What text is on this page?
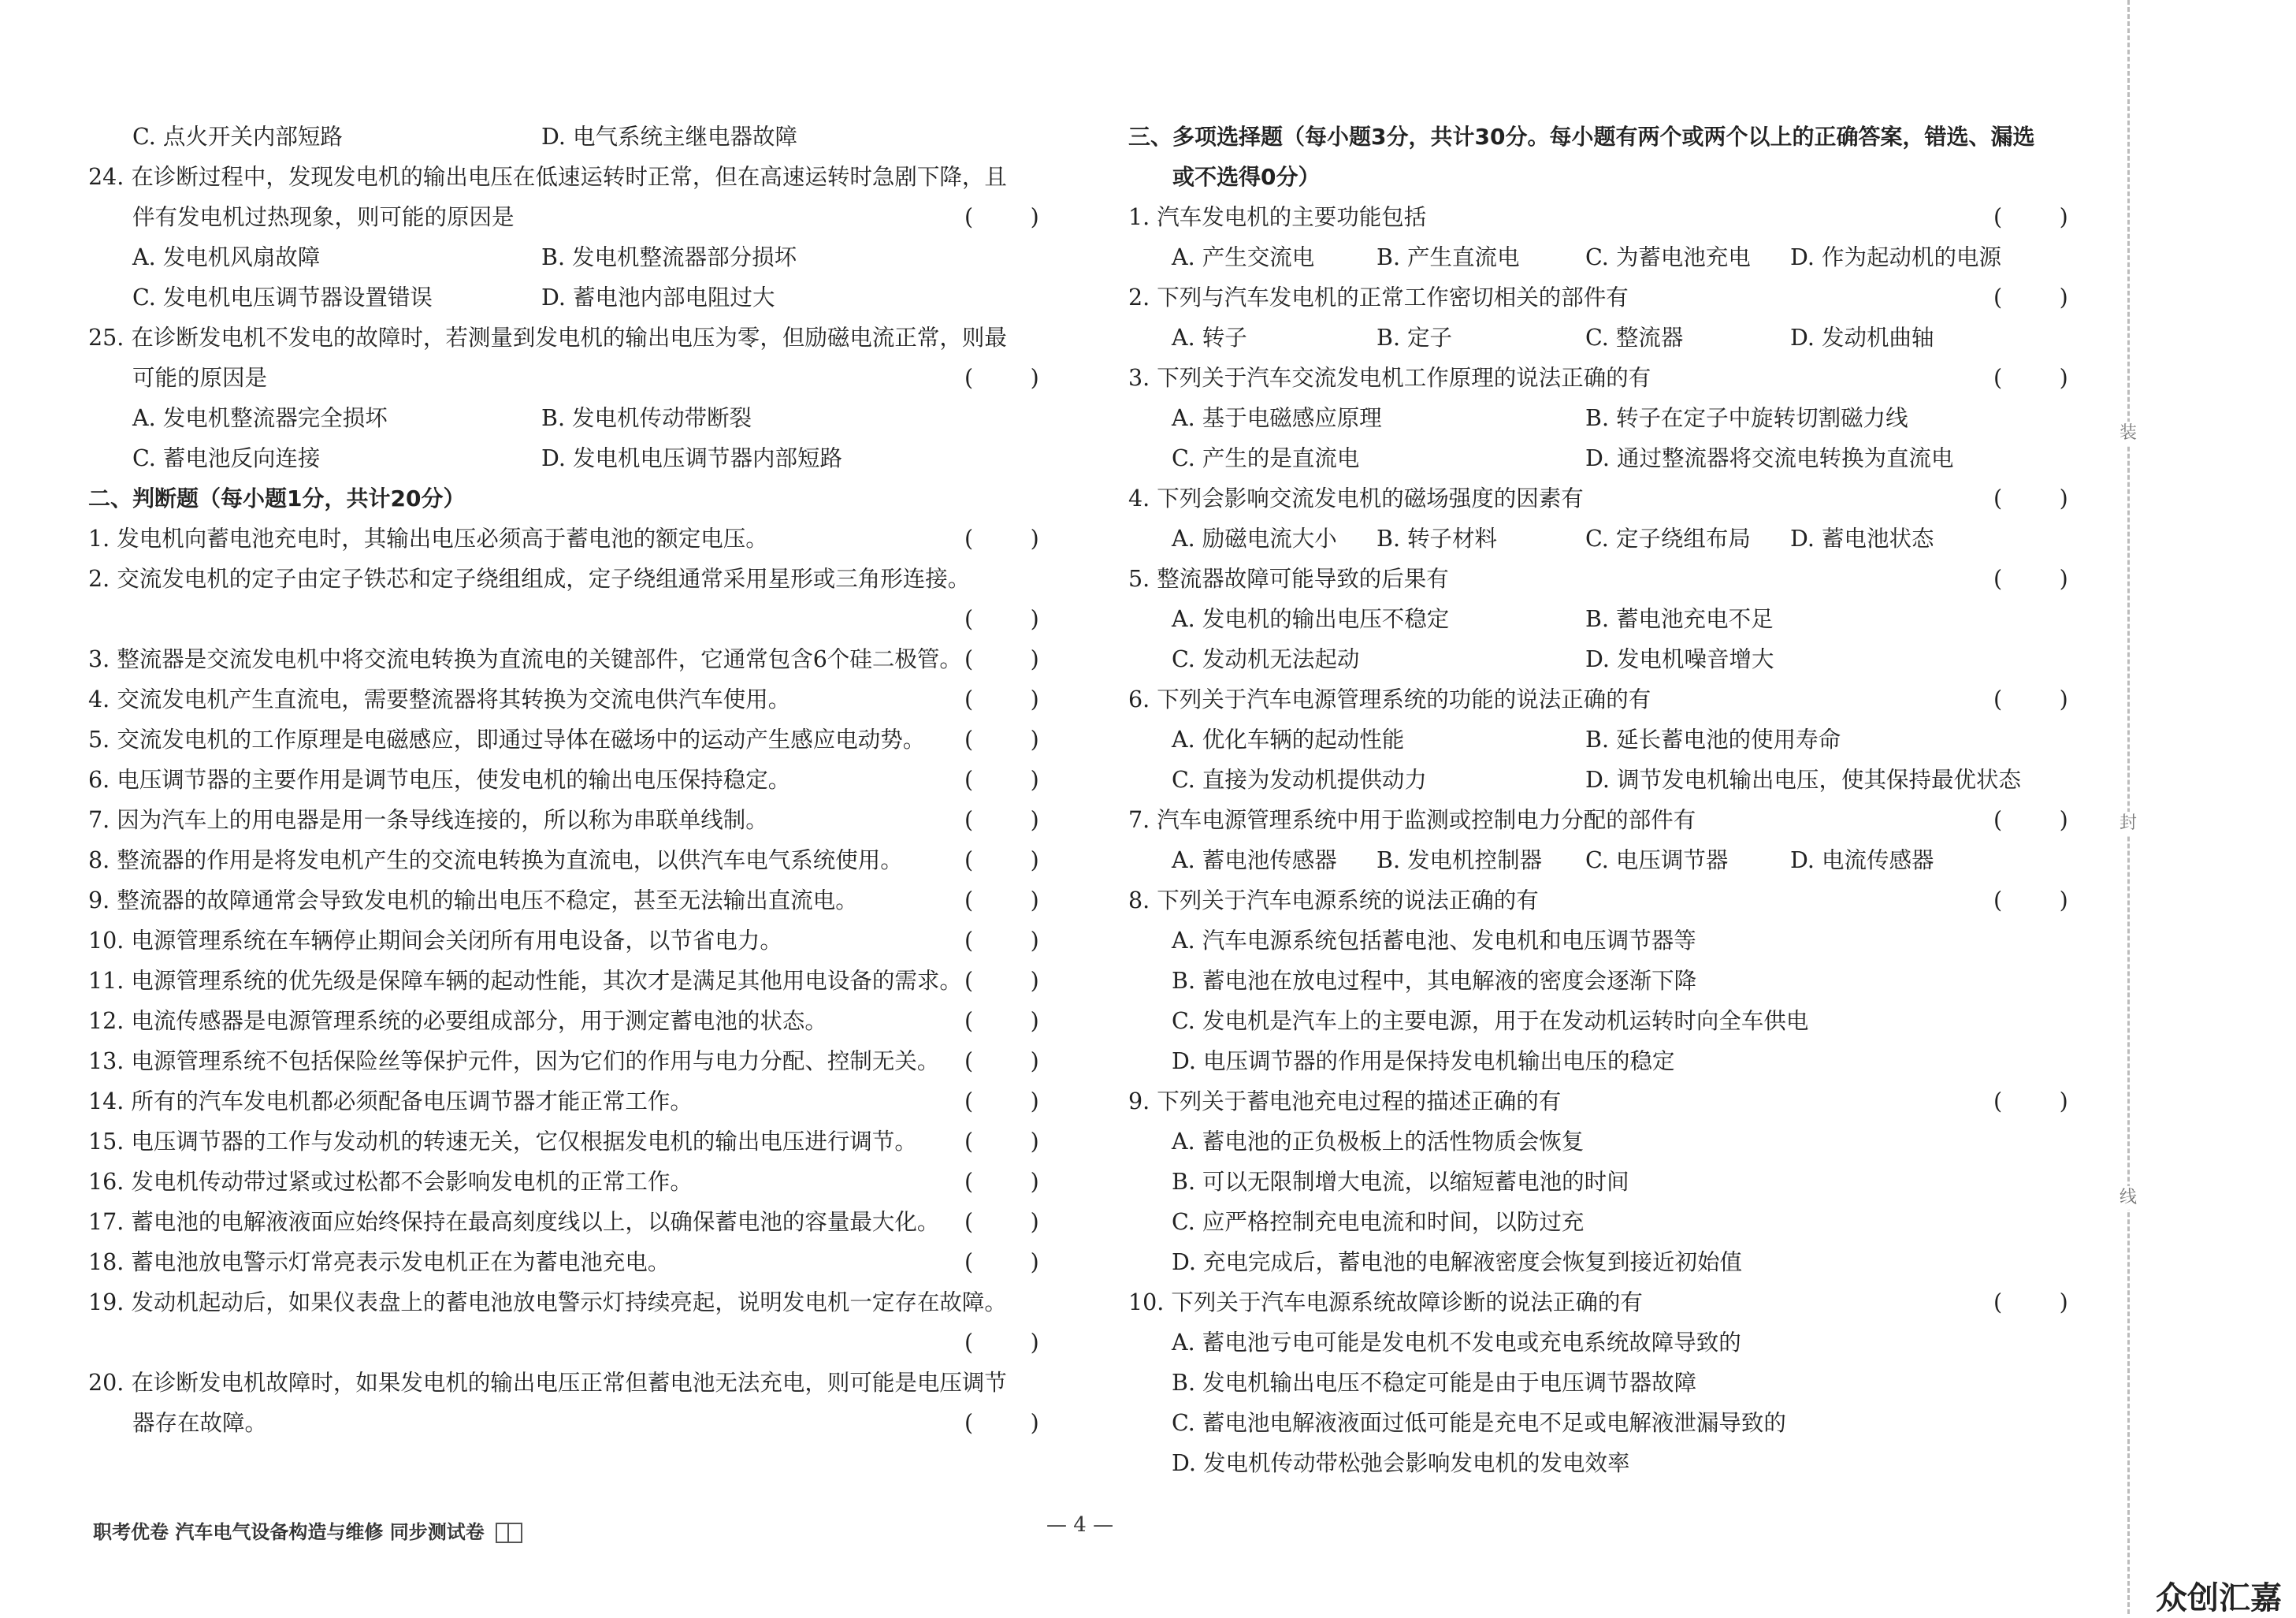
C. 点火开关内部短路	D. 电气系统主继电器故障
24. 在诊断过程中，发现发电机的输出电压在低速运转时正常，但在高速运转时急剧下降，且
伴有发电机过热现象，则可能的原因是	(        )
A. 发电机风扇故障	B. 发电机整流器部分损坏
C. 发电机电压调节器设置错误	D. 蓄电池内部电阻过大
25. 在诊断发电机不发电的故障时，若测量到发电机的输出电压为零，但励磁电流正常，则最
可能的原因是	(        )
A. 发电机整流器完全损坏	B. 发电机传动带断裂
C. 蓄电池反向连接	D. 发电机电压调节器内部短路
二、判断题（每小题1分，共计20分）
1. 发电机向蓄电池充电时，其输出电压必须高于蓄电池的额定电压。	(        )
2. 交流发电机的定子由定子铁芯和定子绕组组成，定子绕组通常采用星形或三角形连接。
(        )
3. 整流器是交流发电机中将交流电转换为直流电的关键部件，它通常包含6个硅二极管。 (        )
4. 交流发电机产生直流电，需要整流器将其转换为交流电供汽车使用。	(        )
5. 交流发电机的工作原理是电磁感应，即通过导体在磁场中的运动产生感应电动势。 (        )
6. 电压调节器的主要作用是调节电压，使发电机的输出电压保持稳定。	(        )
7. 因为汽车上的用电器是用一条导线连接的，所以称为串联单线制。	(        )
8. 整流器的作用是将发电机产生的交流电转换为直流电，以供汽车电气系统使用。	(        )
9. 整流器的故障通常会导致发电机的输出电压不稳定，甚至无法输出直流电。	(        )
10. 电源管理系统在车辆停止期间会关闭所有用电设备，以节省电力。	(        )
11. 电源管理系统的优先级是保障车辆的起动性能，其次才是满足其他用电设备的需求。 (        )
12. 电流传感器是电源管理系统的必要组成部分，用于测定蓄电池的状态。	(        )
13. 电源管理系统不包括保险丝等保护元件，因为它们的作用与电力分配、控制无关。 (        )
14. 所有的汽车发电机都必须配备电压调节器才能正常工作。	(        )
15. 电压调节器的工作与发动机的转速无关，它仅根据发电机的输出电压进行调节。 (        )
16. 发电机传动带过紧或过松都不会影响发电机的正常工作。	(        )
17. 蓄电池的电解液液面应始终保持在最高刻度线以上，以确保蓄电池的容量最大化。 (        )
18. 蓄电池放电警示灯常亮表示发电机正在为蓄电池充电。	(        )
19. 发动机起动后，如果仪表盘上的蓄电池放电警示灯持续亮起，说明发电机一定存在故障。
(        )
20. 在诊断发电机故障时，如果发电机的输出电压正常但蓄电池无法充电，则可能是电压调节
器存在故障。	(        )
三、多项选择题（每小题3分，共计30分。每小题有两个或两个以上的正确答案，错选、漏选
或不选得0分）
1. 汽车发电机的主要功能包括	(        )
A. 产生交流电	B. 产生直流电	C. 为蓄电池充电 D. 作为起动机的电源
2. 下列与汽车发电机的正常工作密切相关的部件有	(        )
A. 转子	B. 定子	C. 整流器	D. 发动机曲轴
3. 下列关于汽车交流发电机工作原理的说法正确的有	(        )
A. 基于电磁感应原理	B. 转子在定子中旋转切割磁力线
C. 产生的是直流电	D. 通过整流器将交流电转换为直流电
4. 下列会影响交流发电机的磁场强度的因素有	(        )
A. 励磁电流大小 B. 转子材料	C. 定子绕组布局 D. 蓄电池状态
5. 整流器故障可能导致的后果有	(        )
A. 发电机的输出电压不稳定	B. 蓄电池充电不足
C. 发动机无法起动	D. 发电机噪音增大
6. 下列关于汽车电源管理系统的功能的说法正确的有	(        )
A. 优化车辆的起动性能	B. 延长蓄电池的使用寿命
C. 直接为发动机提供动力	D. 调节发电机输出电压，使其保持最优状态
7. 汽车电源管理系统中用于监测或控制电力分配的部件有	(        )
A. 蓄电池传感器 B. 发电机控制器 C. 电压调节器	D. 电流传感器
8. 下列关于汽车电源系统的说法正确的有	(        )
A. 汽车电源系统包括蓄电池、发电机和电压调节器等
B. 蓄电池在放电过程中，其电解液的密度会逐渐下降
C. 发电机是汽车上的主要电源，用于在发动机运转时向全车供电
D. 电压调节器的作用是保持发电机输出电压的稳定
9. 下列关于蓄电池充电过程的描述正确的有	(        )
A. 蓄电池的正负极板上的活性物质会恢复
B. 可以无限制增大电流，以缩短蓄电池的时间
C. 应严格控制充电电流和时间，以防过充
D. 充电完成后，蓄电池的电解液密度会恢复到接近初始值
10. 下列关于汽车电源系统故障诊断的说法正确的有	(        )
A. 蓄电池亏电可能是发电机不发电或充电系统故障导致的
B. 发电机输出电压不稳定可能是由于电压调节器故障
C. 蓄电池电解液液面过低可能是充电不足或电解液泄漏导致的
D. 发电机传动带松弛会影响发电机的发电效率
职考优卷 汽车电气设备构造与维修 同步测试卷	— 4 —
装
封
线
众创汇嘉
